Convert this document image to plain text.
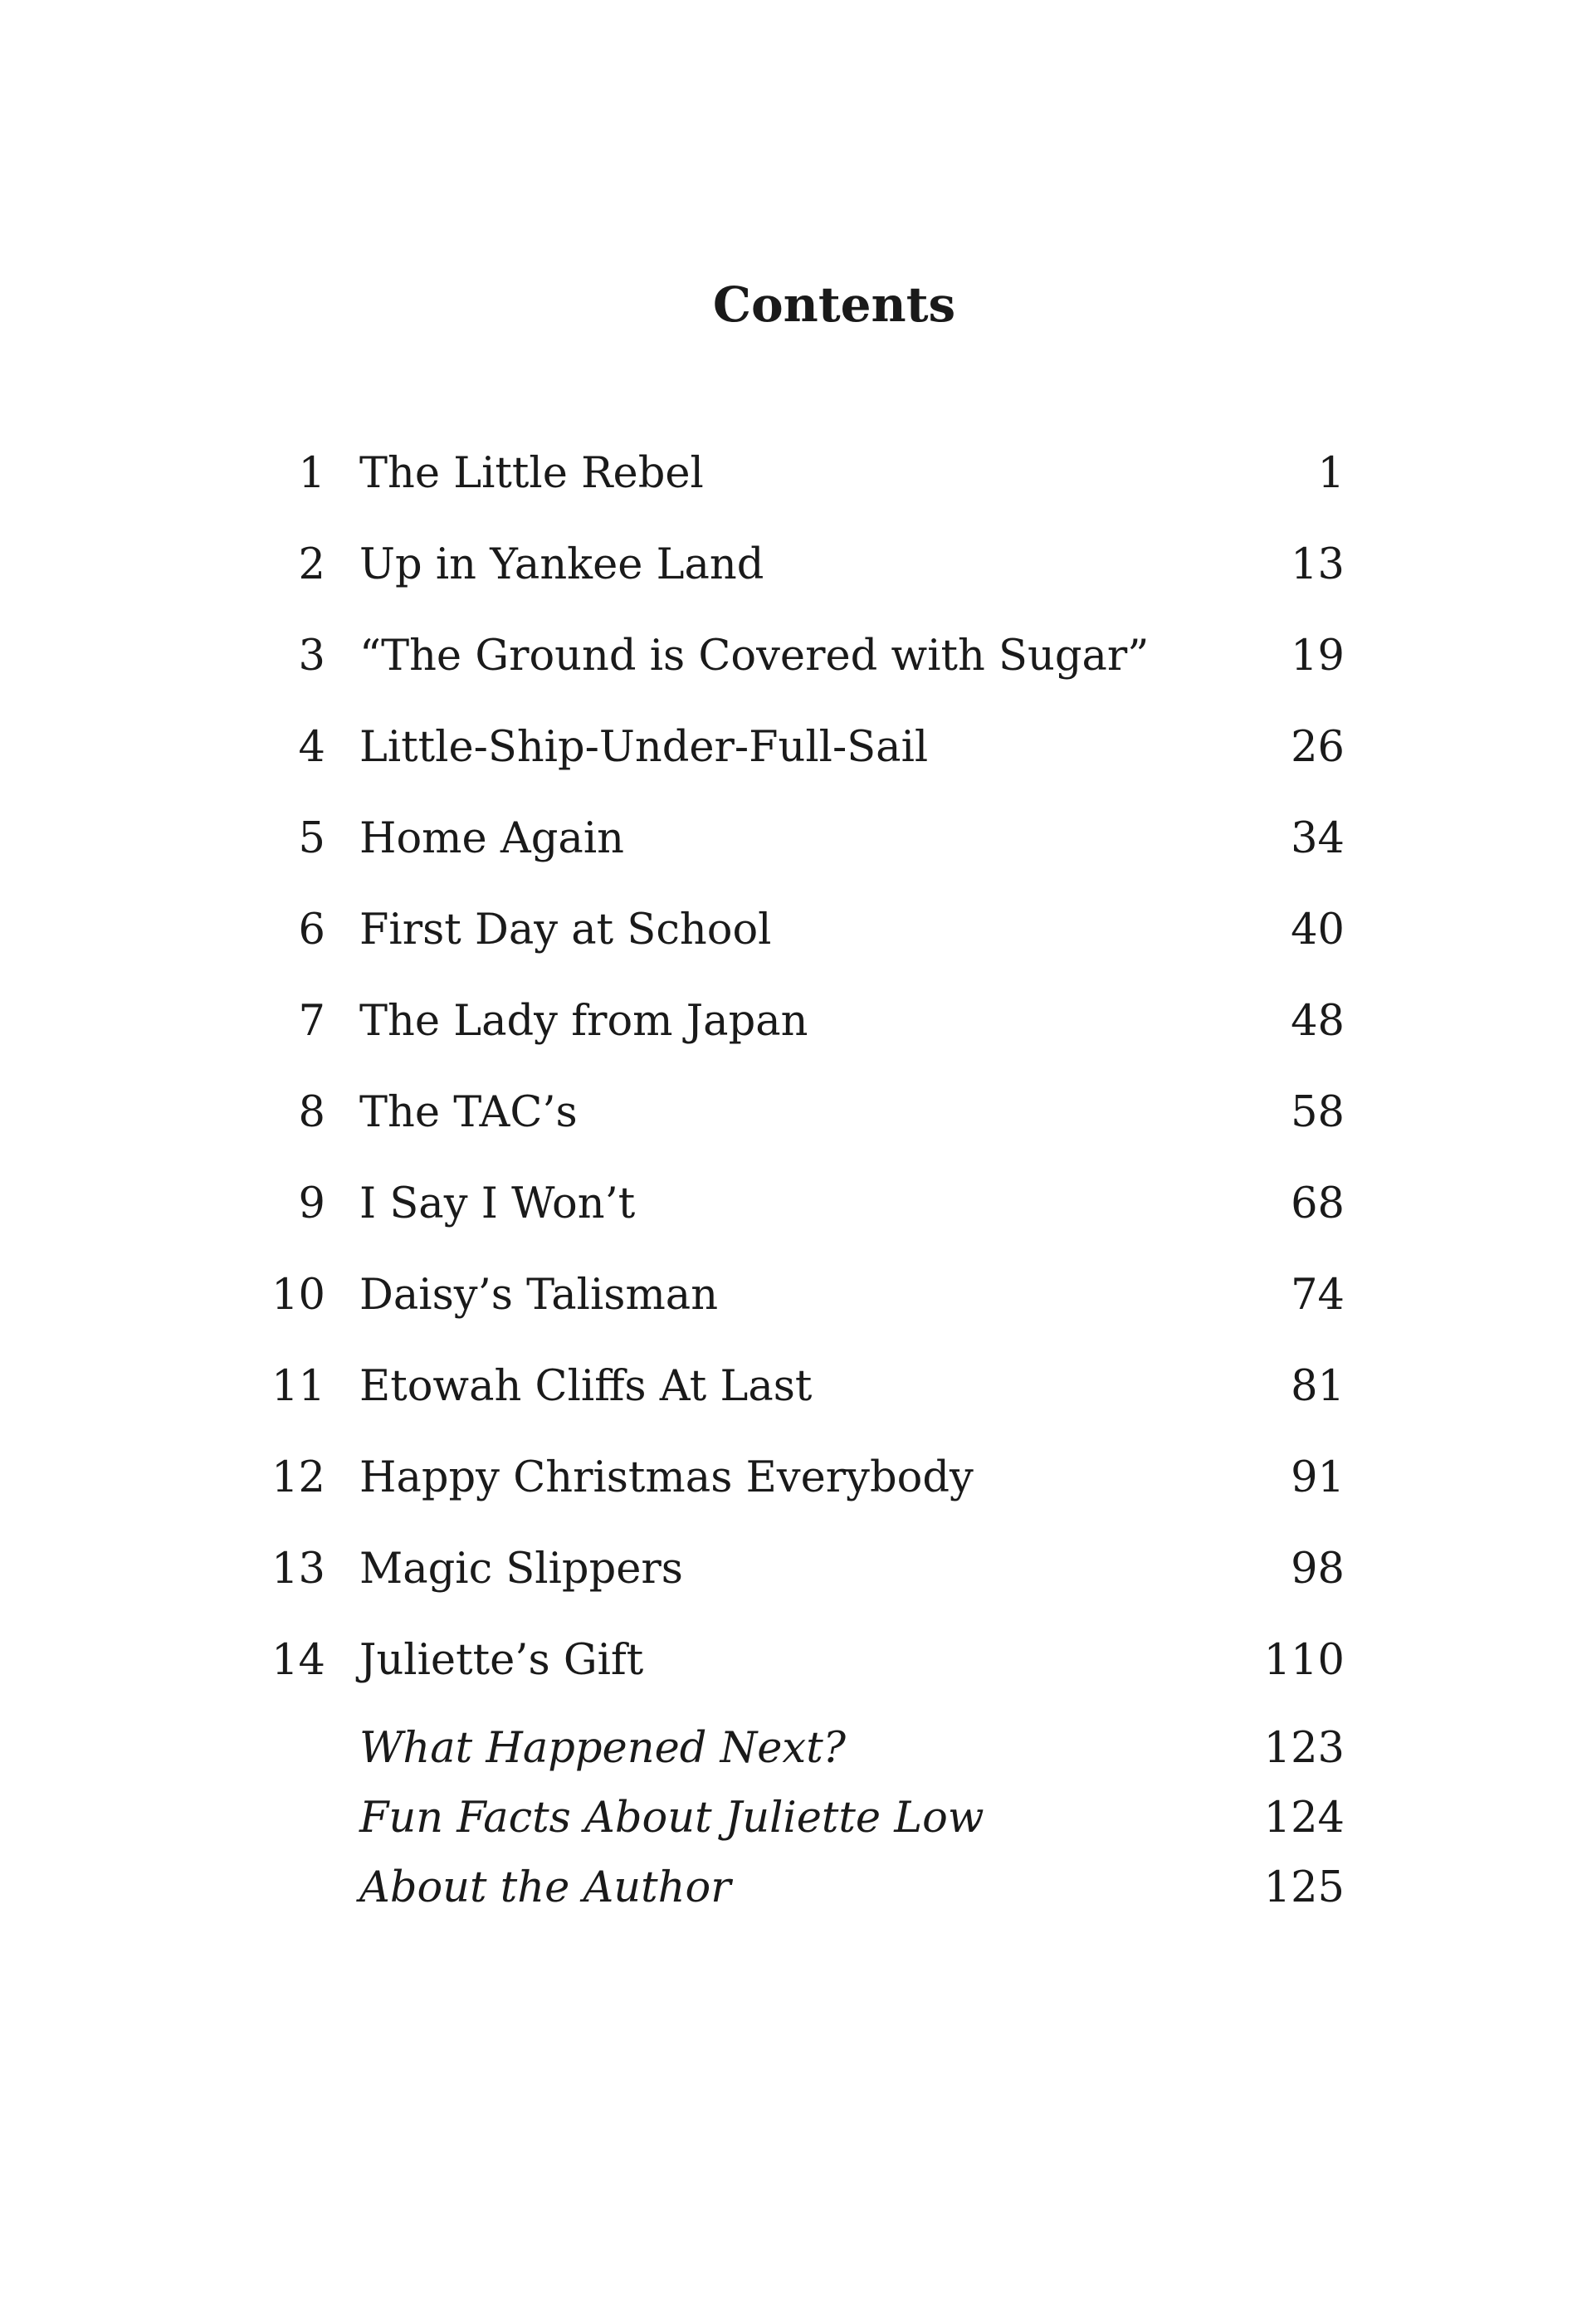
Contents
1 The Little Rebel	1
2 Up in Yankee Land	13
3 “The Ground is Covered with Sugar”	19
4 Little-Ship-Under-Full-Sail	26
5 Home Again	34
6 First Day at School	40
7 The Lady from Japan	48
8 The TAC’s	58
9 I Say I Won’t	68
10 Daisy’s Talisman	74
11 Etowah Cliffs At Last	81
12 Happy Christmas Everybody	91
13 Magic Slippers	98
14 Juliette’s Gift	110
What Happened Next?	123
Fun Facts About Juliette Low	124
About the Author	125
